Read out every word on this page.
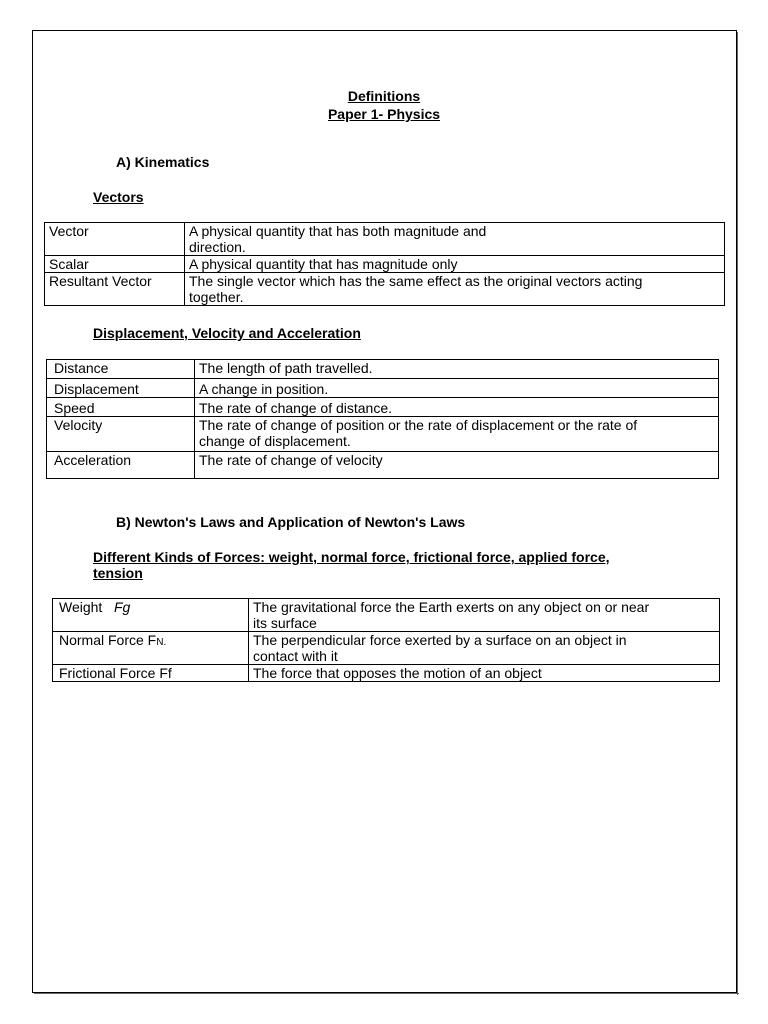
Definitions
Paper 1- Physics
A) Kinematics
Vectors
Vector	A physical quantity that has both magnitude and
direction.

Scalar	A physical quantity that has magnitude only
Resultant Vector	The single vector which has the same effect as the original vectors acting
together.
Displacement, Velocity and Acceleration
Distance	The length of path travelled.
Displacement	A change in position.
Speed	The rate of change of distance.
Velocity	The rate of change of position or the rate of displacement or the rate of
change of displacement.

Acceleration	The rate of change of velocity
B) Newton's Laws and Application of Newton's Laws
Different Kinds of Forces: weight, normal force, frictional force, applied force,
tension
Weight Fg	The gravitational force the Earth exerts on any object on or near
its surface

Normal Force FN.	The perpendicular force exerted by a surface on an object in
contact with it

Frictional Force Ff	The force that opposes the motion of an object
